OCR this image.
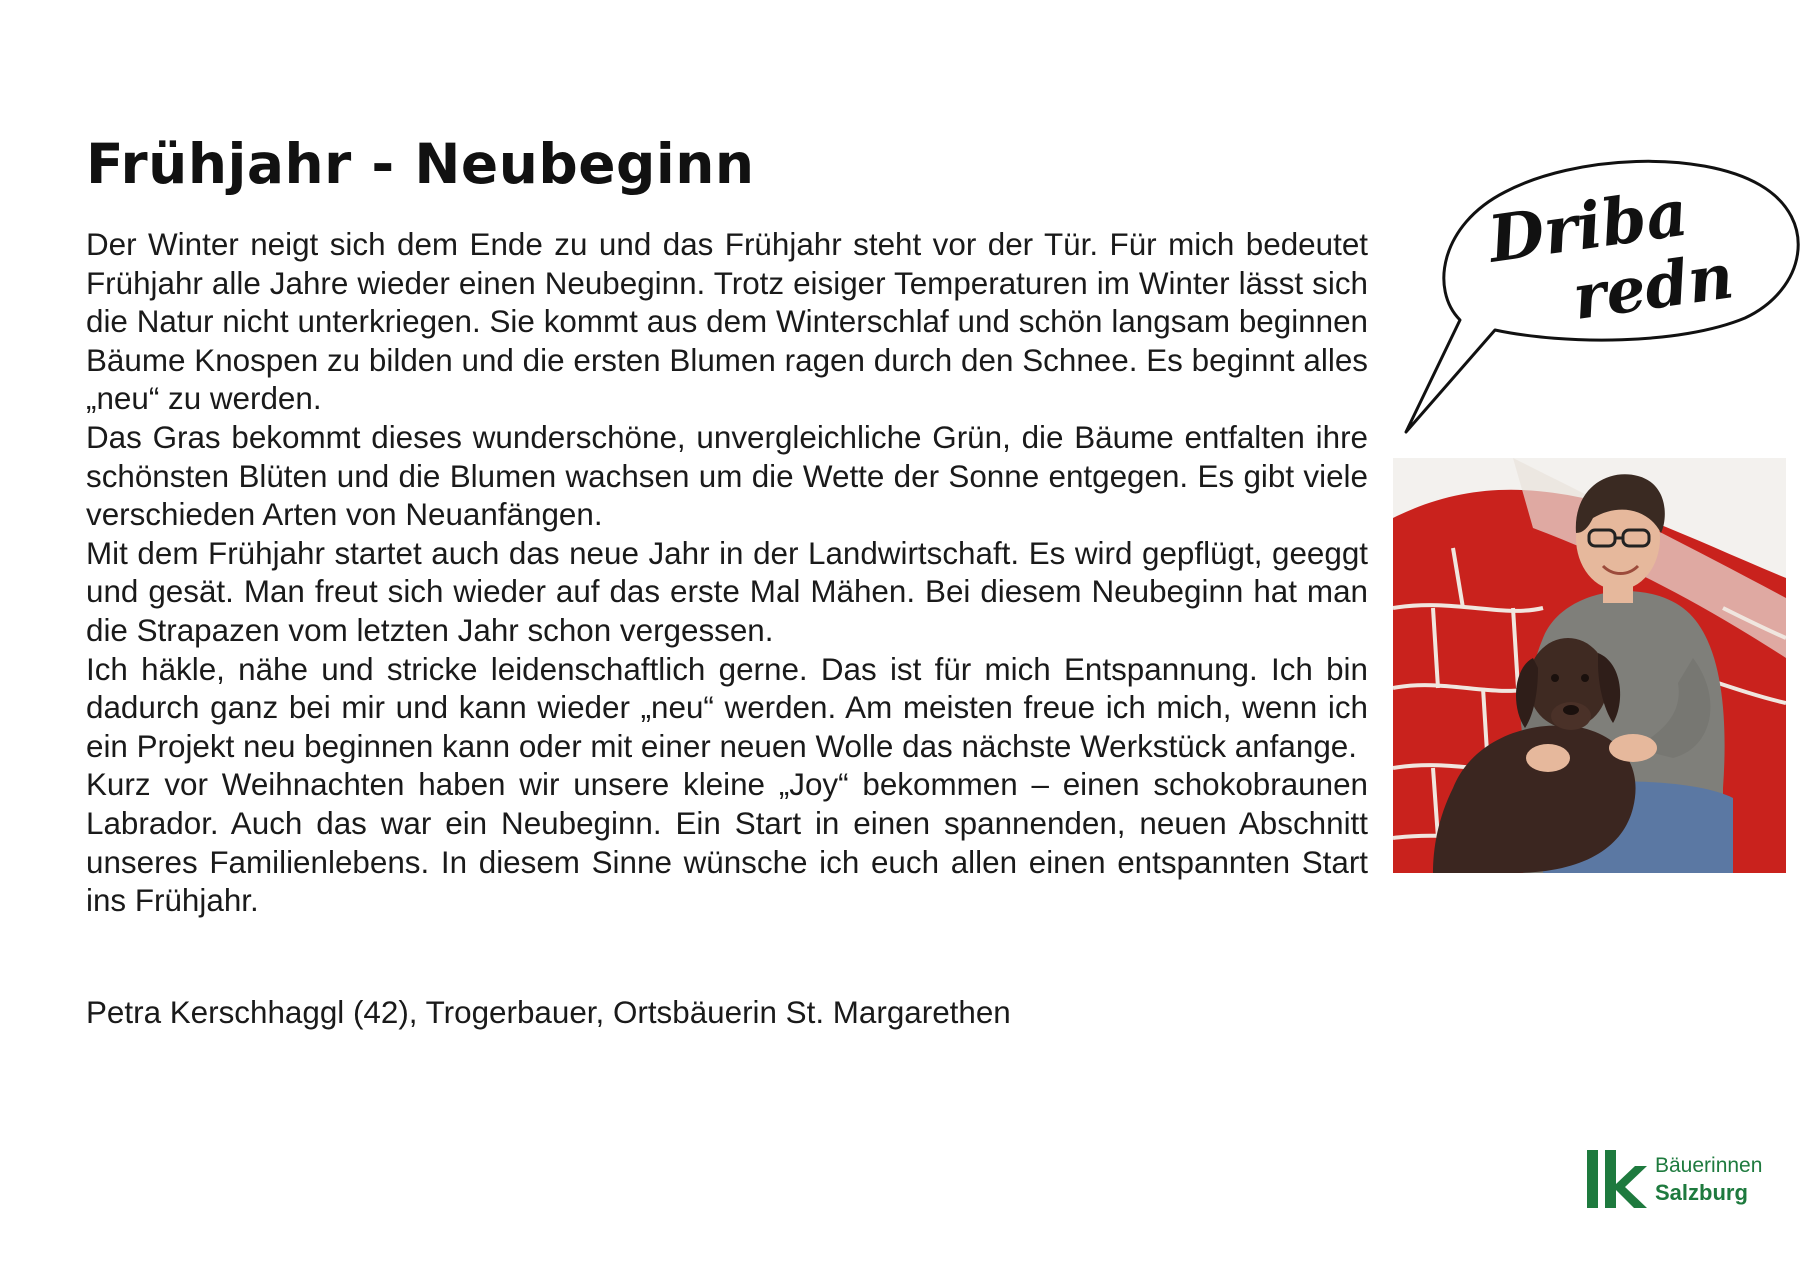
Frühjahr - Neubeginn

Der Winter neigt sich dem Ende zu und das Frühjahr steht vor der Tür. Für mich bedeutet Frühjahr alle Jahre wieder einen Neubeginn. Trotz eisiger Temperaturen im Winter lässt sich die Natur nicht unterkriegen. Sie kommt aus dem Winterschlaf und schön langsam beginnen Bäume Knospen zu bilden und die ersten Blumen ragen durch den Schnee. Es beginnt alles „neu“ zu werden.

Das Gras bekommt dieses wunderschöne, unvergleichliche Grün, die Bäume entfalten ihre schönsten Blüten und die Blumen wachsen um die Wette der Sonne entgegen. Es gibt viele verschieden Arten von Neuanfängen.

Mit dem Frühjahr startet auch das neue Jahr in der Landwirtschaft. Es wird gepflügt, geeggt und gesät. Man freut sich wieder auf das erste Mal Mähen. Bei diesem Neubeginn hat man die Strapazen vom letzten Jahr schon vergessen.

Ich häkle, nähe und stricke leidenschaftlich gerne. Das ist für mich Entspannung. Ich bin dadurch ganz bei mir und kann wieder „neu“ werden. Am meisten freue ich mich, wenn ich ein Projekt neu beginnen kann oder mit einer neuen Wolle das nächste Werkstück anfange.

Kurz vor Weihnachten haben wir unsere kleine „Joy“ bekommen – einen schokobraunen Labrador. Auch das war ein Neubeginn. Ein Start in einen spannenden, neuen Abschnitt unseres Familienlebens. In diesem Sinne wünsche ich euch allen einen entspannten Start ins Frühjahr.

Petra Kerschhaggl (42), Trogerbauer, Ortsbäuerin St. Margarethen

Driba
redn
Bäuerinnen
Salzburg
